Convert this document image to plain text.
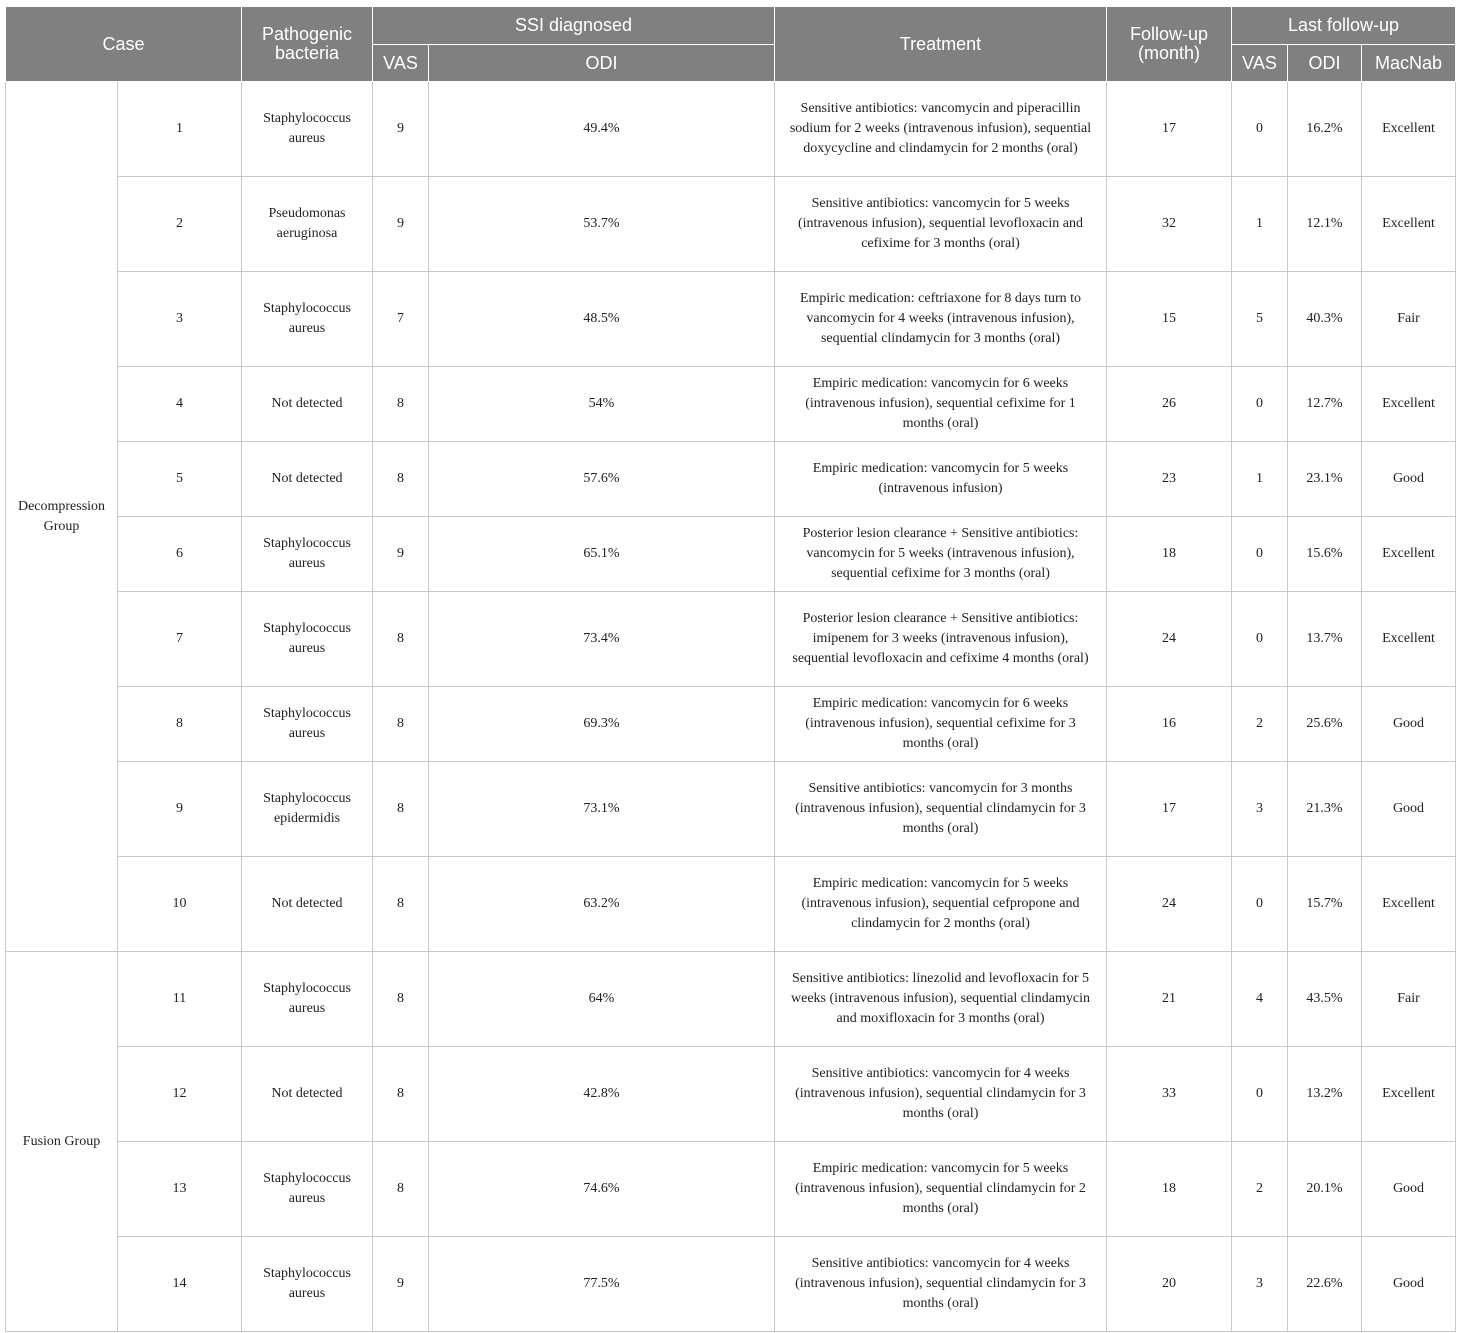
Case		Pathogenic bacteria	SSI diagnosed		Treatment	Follow-up (month)	Last follow-up		
			VAS	ODI			VAS	ODI	MacNab
Decompression Group	1	Staphylococcus aureus	9	49.4%	Sensitive antibiotics: vancomycin and piperacillin sodium for 2 weeks (intravenous infusion), sequential doxycycline and clindamycin for 2 months (oral)	17	0	16.2%	Excellent
	2	Pseudomonas aeruginosa	9	53.7%	Sensitive antibiotics: vancomycin for 5 weeks (intravenous infusion), sequential levofloxacin and cefixime for 3 months (oral)	32	1	12.1%	Excellent
	3	Staphylococcus aureus	7	48.5%	Empiric medication: ceftriaxone for 8 days turn to vancomycin for 4 weeks (intravenous infusion), sequential clindamycin for 3 months (oral)	15	5	40.3%	Fair
	4	Not detected	8	54%	Empiric medication: vancomycin for 6 weeks (intravenous infusion), sequential cefixime for 1 months (oral)	26	0	12.7%	Excellent
	5	Not detected	8	57.6%	Empiric medication: vancomycin for 5 weeks (intravenous infusion)	23	1	23.1%	Good
	6	Staphylococcus aureus	9	65.1%	Posterior lesion clearance + Sensitive antibiotics: vancomycin for 5 weeks (intravenous infusion), sequential cefixime for 3 months (oral)	18	0	15.6%	Excellent
	7	Staphylococcus aureus	8	73.4%	Posterior lesion clearance + Sensitive antibiotics: imipenem for 3 weeks (intravenous infusion), sequential levofloxacin and cefixime 4 months (oral)	24	0	13.7%	Excellent
	8	Staphylococcus aureus	8	69.3%	Empiric medication: vancomycin for 6 weeks (intravenous infusion), sequential cefixime for 3 months (oral)	16	2	25.6%	Good
	9	Staphylococcus epidermidis	8	73.1%	Sensitive antibiotics: vancomycin for 3 months (intravenous infusion), sequential clindamycin for 3 months (oral)	17	3	21.3%	Good
	10	Not detected	8	63.2%	Empiric medication: vancomycin for 5 weeks (intravenous infusion), sequential cefpropone and clindamycin for 2 months (oral)	24	0	15.7%	Excellent
Fusion Group	11	Staphylococcus aureus	8	64%	Sensitive antibiotics: linezolid and levofloxacin for 5 weeks (intravenous infusion), sequential clindamycin and moxifloxacin for 3 months (oral)	21	4	43.5%	Fair
	12	Not detected	8	42.8%	Sensitive antibiotics: vancomycin for 4 weeks (intravenous infusion), sequential clindamycin for 3 months (oral)	33	0	13.2%	Excellent
	13	Staphylococcus aureus	8	74.6%	Empiric medication: vancomycin for 5 weeks (intravenous infusion), sequential clindamycin for 2 months (oral)	18	2	20.1%	Good
	14	Staphylococcus aureus	9	77.5%	Sensitive antibiotics: vancomycin for 4 weeks (intravenous infusion), sequential clindamycin for 3 months (oral)	20	3	22.6%	Good
